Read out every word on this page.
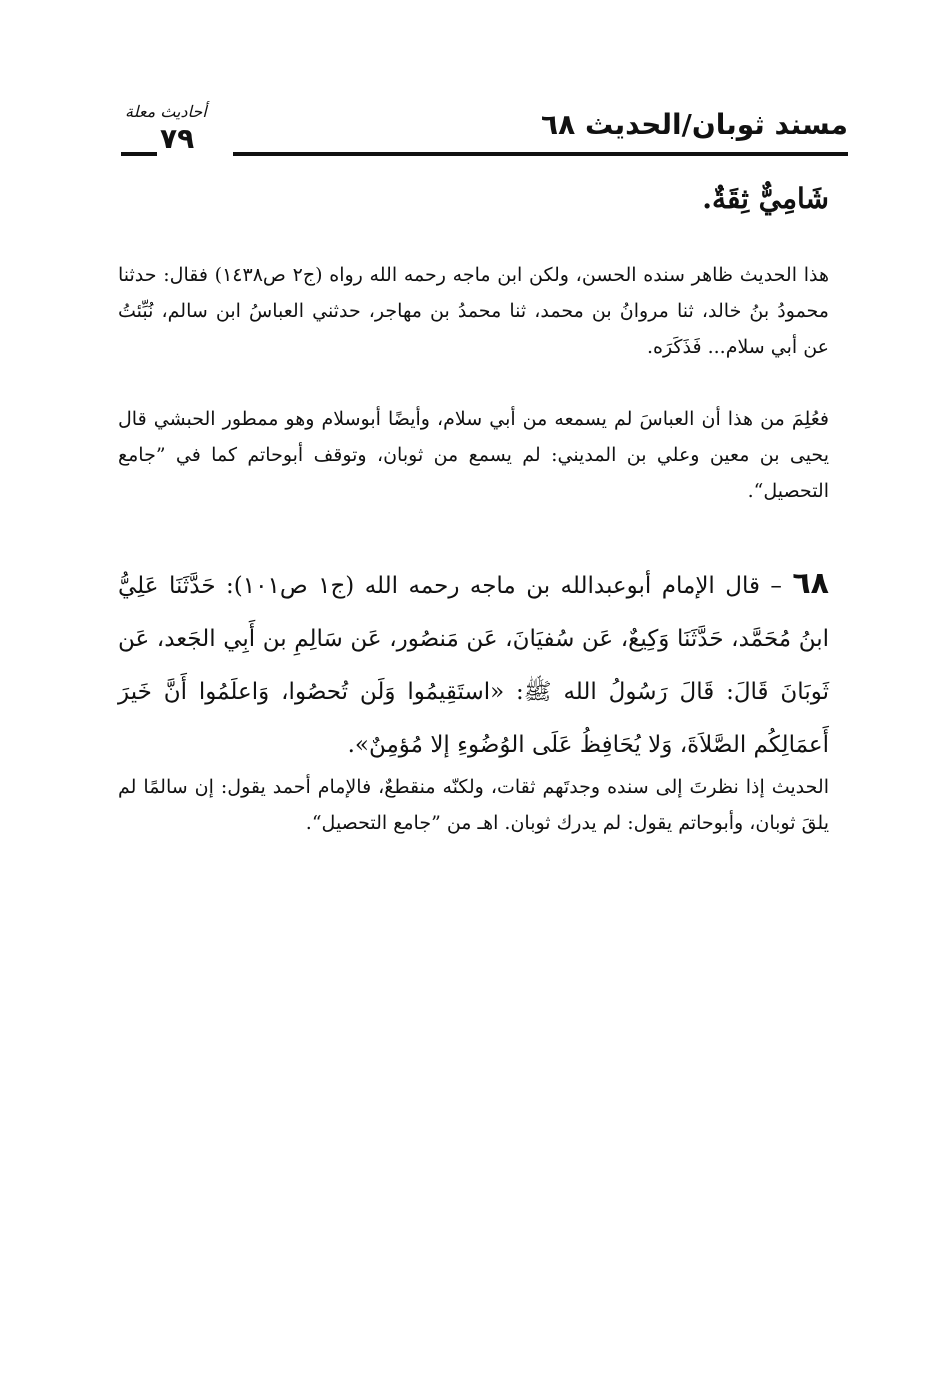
مسند ثوبان/الحديث ٦٨
أحاديث معلة
٧٩
شَامِيٌّ ثِقَةٌ.

هذا الحديث ظاهر سنده الحسن، ولكن ابن ماجه رحمه الله رواه (ج٢ ص١٤٣٨) فقال: حدثنا محمودُ بنُ خالد، ثنا مروانُ بن محمد، ثنا محمدُ بن مهاجر، حدثني العباسُ ابن سالم، نُبِّئتُ عن أبي سلام... فَذَكَرَه.

فعُلِمَ من هذا أن العباسَ لم يسمعه من أبي سلام، وأيضًا أبوسلام وهو ممطور الحبشي قال يحيى بن معين وعلي بن المديني: لم يسمع من ثوبان، وتوقف أبوحاتم كما في ”جامع التحصيل“.

٦٨ – قال الإمام أبوعبدالله بن ماجه رحمه الله (ج١ ص١٠١): حَدَّثَنَا عَلِيُّ ابنُ مُحَمَّد، حَدَّثَنَا وَكِيعٌ، عَن سُفيَانَ، عَن مَنصُور، عَن سَالِمِ بن أَبِي الجَعد، عَن ثَوبَانَ قَالَ: قَالَ رَسُولُ الله ﷺ: «استَقِيمُوا وَلَن تُحصُوا، وَاعلَمُوا أَنَّ خَيرَ أَعمَالِكُم الصَّلاَةَ، وَلا يُحَافِظُ عَلَى الوُضُوءِ إلا مُؤمِنٌ».

الحديث إذا نظرتَ إلى سنده وجدتَهم ثقات، ولكنّه منقطعٌ، فالإمام أحمد يقول: إن سالمًا لم يلقَ ثوبان، وأبوحاتم يقول: لم يدرك ثوبان. اهـ من ”جامع التحصيل“.
